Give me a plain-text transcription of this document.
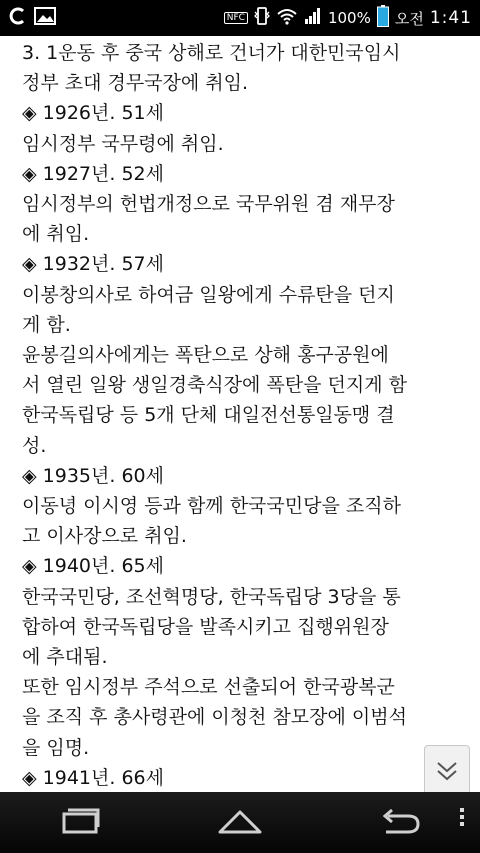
NFC	100% 오전 1:41
3. 1운동 후 중국 상해로 건너가 대한민국임시
정부 초대 경무국장에 취임.
◈ 1926년. 51세
임시정부 국무령에 취임.
◈ 1927년. 52세
임시정부의 헌법개정으로 국무위원 겸 재무장
에 취임.
◈ 1932년. 57세
이봉창의사로 하여금 일왕에게 수류탄을 던지
게 함.
윤봉길의사에게는 폭탄으로 상해 홍구공원에
서 열린 일왕 생일경축식장에 폭탄을 던지게 함
한국독립당 등 5개 단체 대일전선통일동맹 결
성.
◈ 1935년. 60세
이동녕 이시영 등과 함께 한국국민당을 조직하
고 이사장으로 취임.
◈ 1940년. 65세
한국국민당, 조선혁명당, 한국독립당 3당을 통
합하여 한국독립당을 발족시키고 집행위원장
에 추대됨.
또한 임시정부 주석으로 선출되어 한국광복군
을 조직 후 총사령관에 이청천 참모장에 이범석
을 임명.
◈ 1941년. 66세
